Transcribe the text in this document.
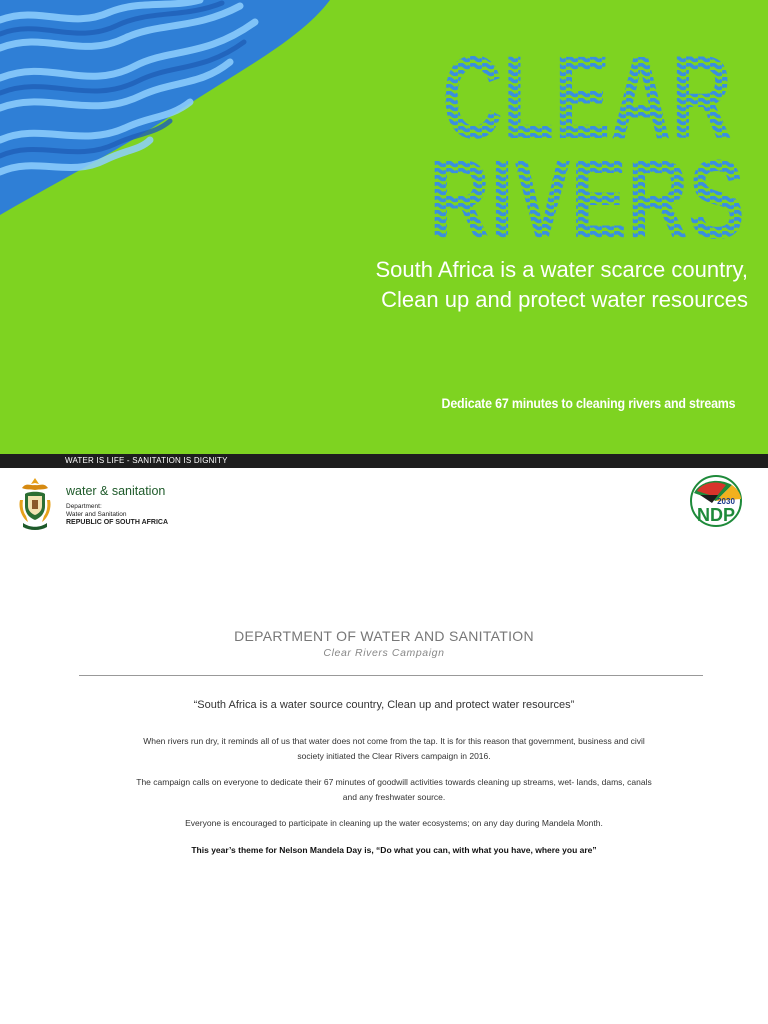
CLEAR
RIVERS
South Africa is a water scarce country,
Clean up and protect water resources
Dedicate 67 minutes to cleaning rivers and streams
WATER IS LIFE - SANITATION IS DIGNITY
water & sanitation
Department:
Water and Sanitation
REPUBLIC OF SOUTH AFRICA
2030
NDP
DEPARTMENT OF WATER AND SANITATION
Clear Rivers Campaign
“South Africa is a water source country, Clean up and protect water resources”

When rivers run dry, it reminds all of us that water does not come from the tap. It is for this reason that government, business and civil society initiated the Clear Rivers campaign in 2016.

The campaign calls on everyone to dedicate their 67 minutes of goodwill activities towards cleaning up streams, wet- lands, dams, canals and any freshwater source.

Everyone is encouraged to participate in cleaning up the water ecosystems; on any day during Mandela Month.

This year’s theme for Nelson Mandela Day is, “Do what you can, with what you have, where you are”
